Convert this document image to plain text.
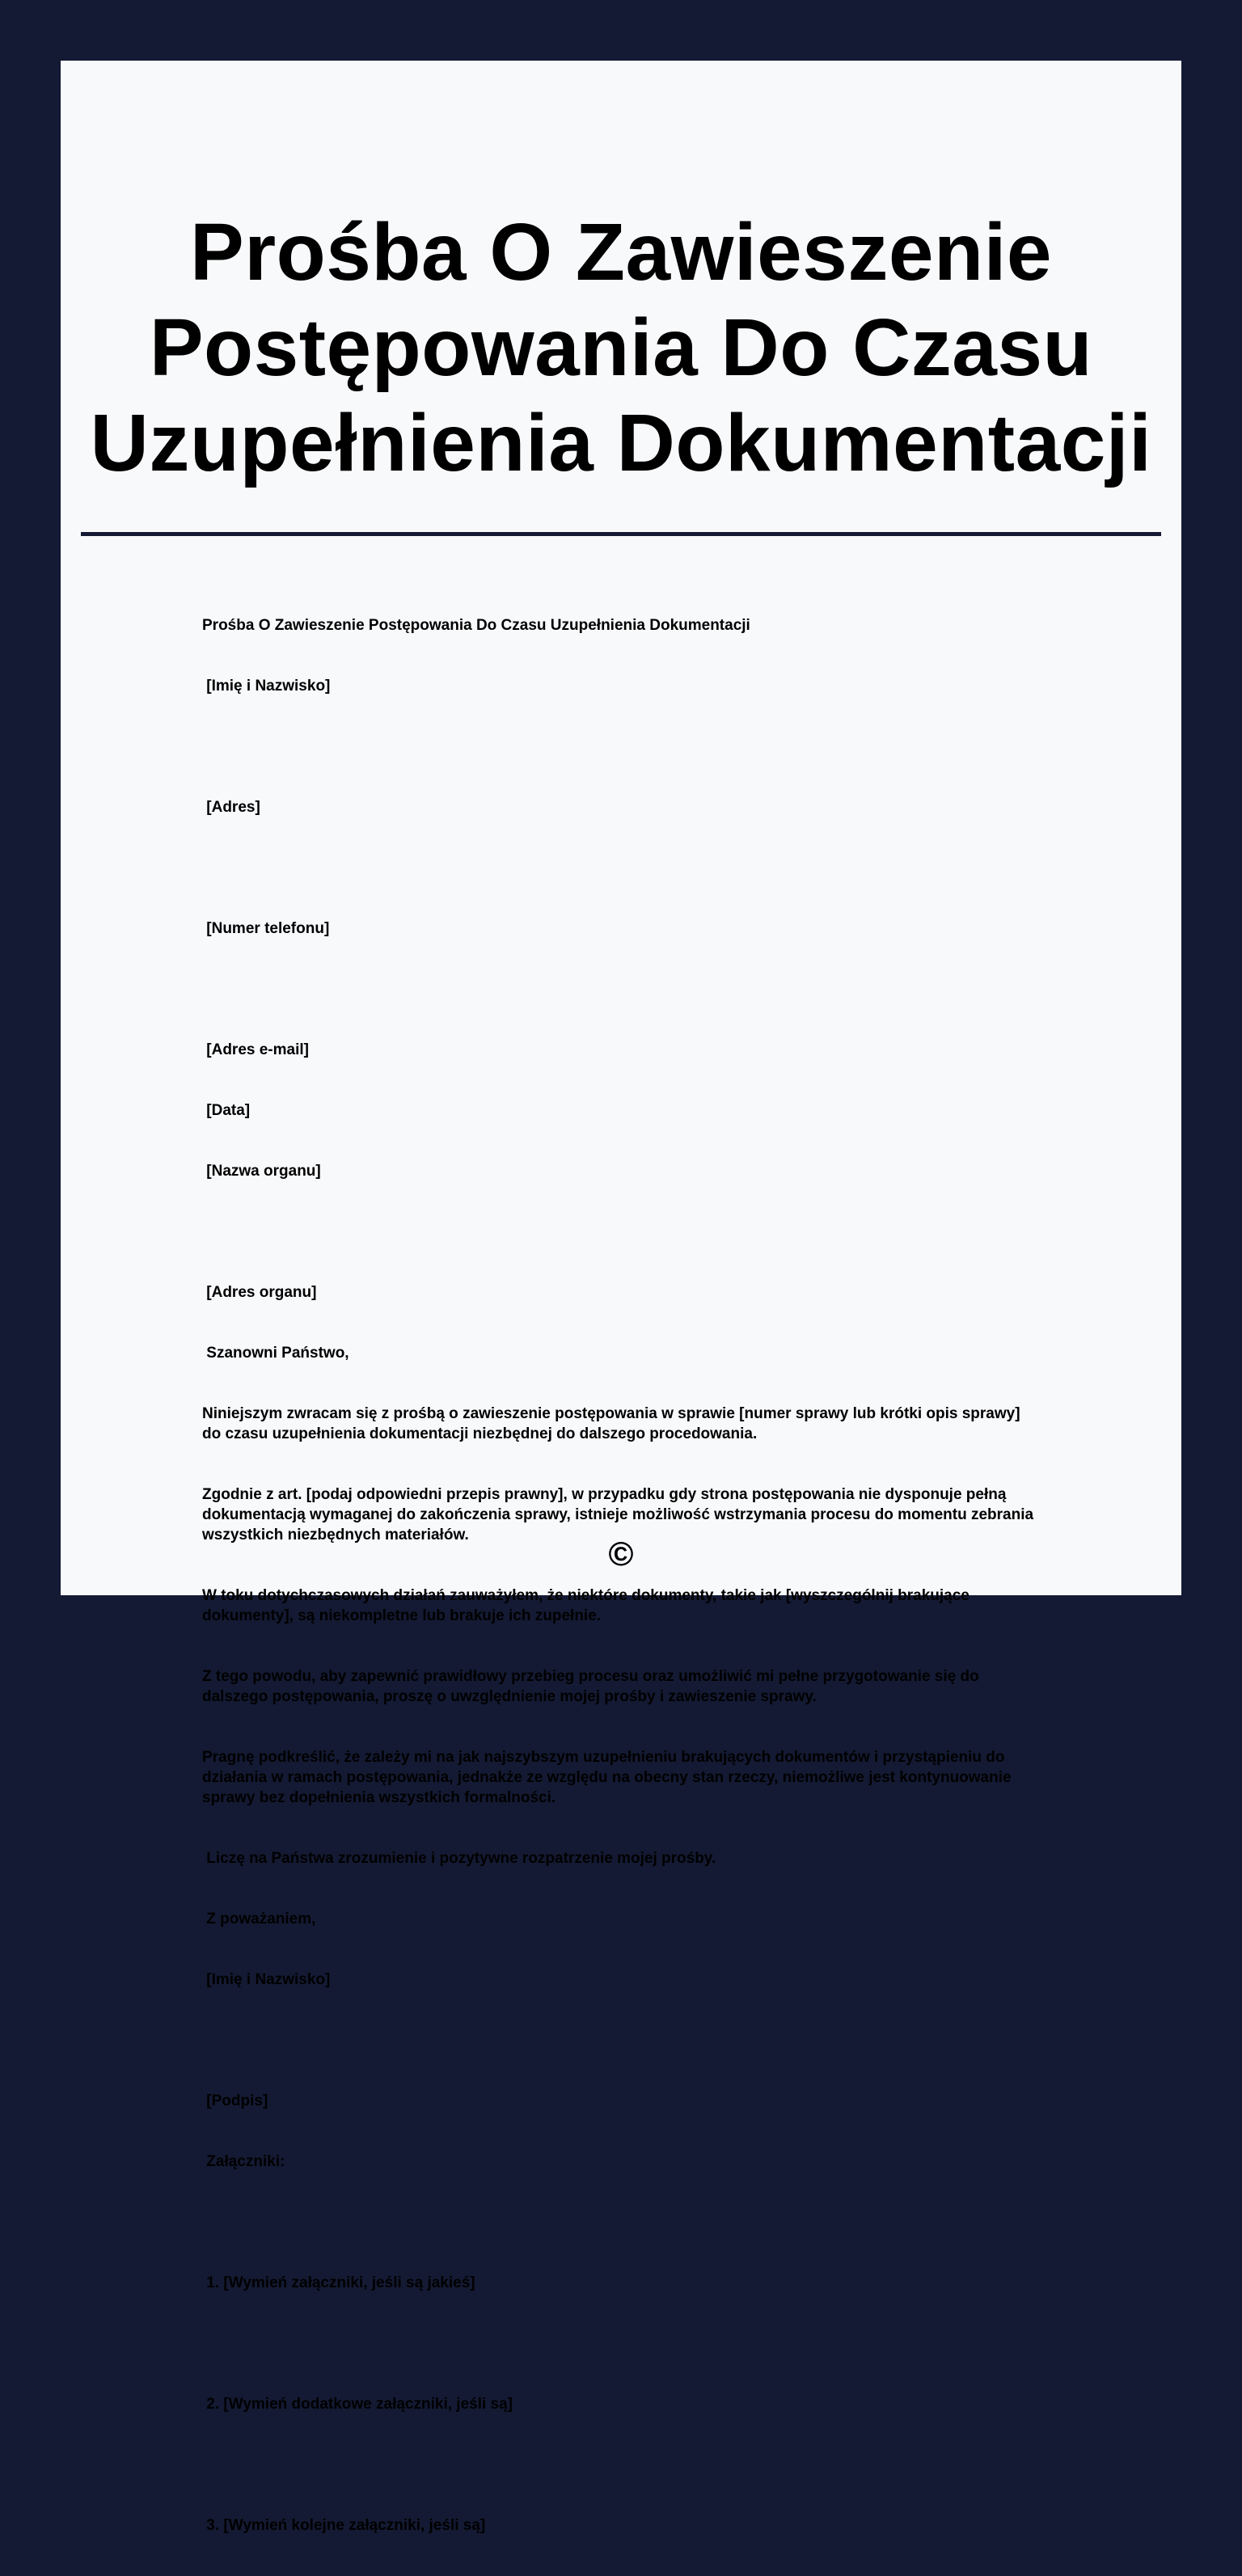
Prośba O Zawieszenie
Postępowania Do Czasu
Uzupełnienia Dokumentacji

Prośba O Zawieszenie Postępowania Do Czasu Uzupełnienia Dokumentacji

[Imię i Nazwisko]

[Adres]

[Numer telefonu]

[Adres e-mail]

[Data]

[Nazwa organu]

[Adres organu]

Szanowni Państwo,

Niniejszym zwracam się z prośbą o zawieszenie postępowania w sprawie [numer sprawy lub krótki opis sprawy] do czasu uzupełnienia dokumentacji niezbędnej do dalszego procedowania.

Zgodnie z art. [podaj odpowiedni przepis prawny], w przypadku gdy strona postępowania nie dysponuje pełną dokumentacją wymaganej do zakończenia sprawy, istnieje możliwość wstrzymania procesu do momentu zebrania wszystkich niezbędnych materiałów.

W toku dotychczasowych działań zauważyłem, że niektóre dokumenty, takie jak [wyszczególnij brakujące dokumenty], są niekompletne lub brakuje ich zupełnie.

Z tego powodu, aby zapewnić prawidłowy przebieg procesu oraz umożliwić mi pełne przygotowanie się do dalszego postępowania, proszę o uwzględnienie mojej prośby i zawieszenie sprawy.

Pragnę podkreślić, że zależy mi na jak najszybszym uzupełnieniu brakujących dokumentów i przystąpieniu do działania w ramach postępowania, jednakże ze względu na obecny stan rzeczy, niemożliwe jest kontynuowanie sprawy bez dopełnienia wszystkich formalności.

Liczę na Państwa zrozumienie i pozytywne rozpatrzenie mojej prośby.

Z poważaniem,

[Imię i Nazwisko]

[Podpis]

Załączniki:

1. [Wymień załączniki, jeśli są jakieś]

2. [Wymień dodatkowe załączniki, jeśli są]

3. [Wymień kolejne załączniki, jeśli są]

©
